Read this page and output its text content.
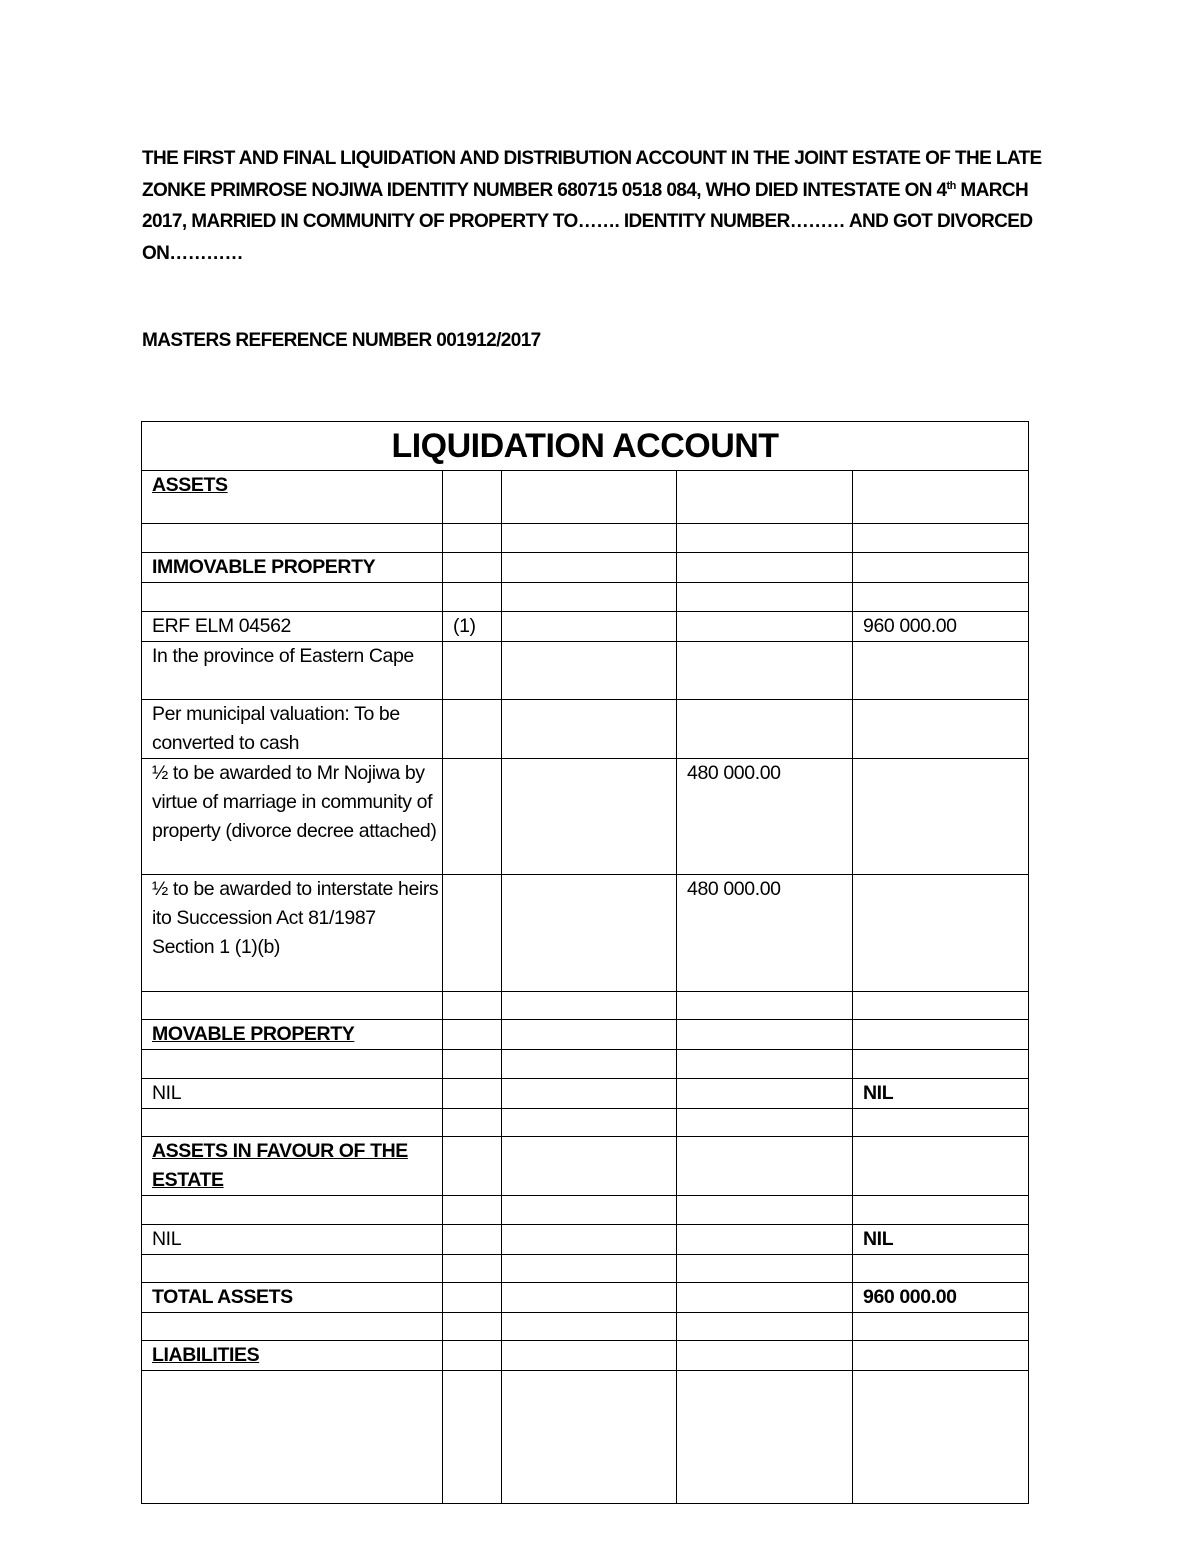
THE FIRST AND FINAL LIQUIDATION AND DISTRIBUTION ACCOUNT IN THE JOINT ESTATE OF THE LATE ZONKE PRIMROSE NOJIWA IDENTITY NUMBER 680715 0518 084, WHO DIED INTESTATE ON 4th MARCH 2017, MARRIED IN COMMUNITY OF PROPERTY TO……. IDENTITY NUMBER……… AND GOT DIVORCED ON…………
MASTERS REFERENCE NUMBER 001912/2017
LIQUIDATION ACCOUNT				
ASSETS				

IMMOVABLE PROPERTY				

ERF ELM 04562	(1)			960 000.00
In the province of Eastern Cape				
Per municipal valuation: To be converted to cash				
½ to be awarded to Mr Nojiwa by virtue of marriage in community of property (divorce decree attached)			480 000.00	
½ to be awarded to interstate heirs ito Succession Act 81/1987 Section 1 (1)(b)			480 000.00	

MOVABLE PROPERTY				

NIL				NIL

ASSETS IN FAVOUR OF THE ESTATE				

NIL				NIL

TOTAL ASSETS				960 000.00

LIABILITIES				
